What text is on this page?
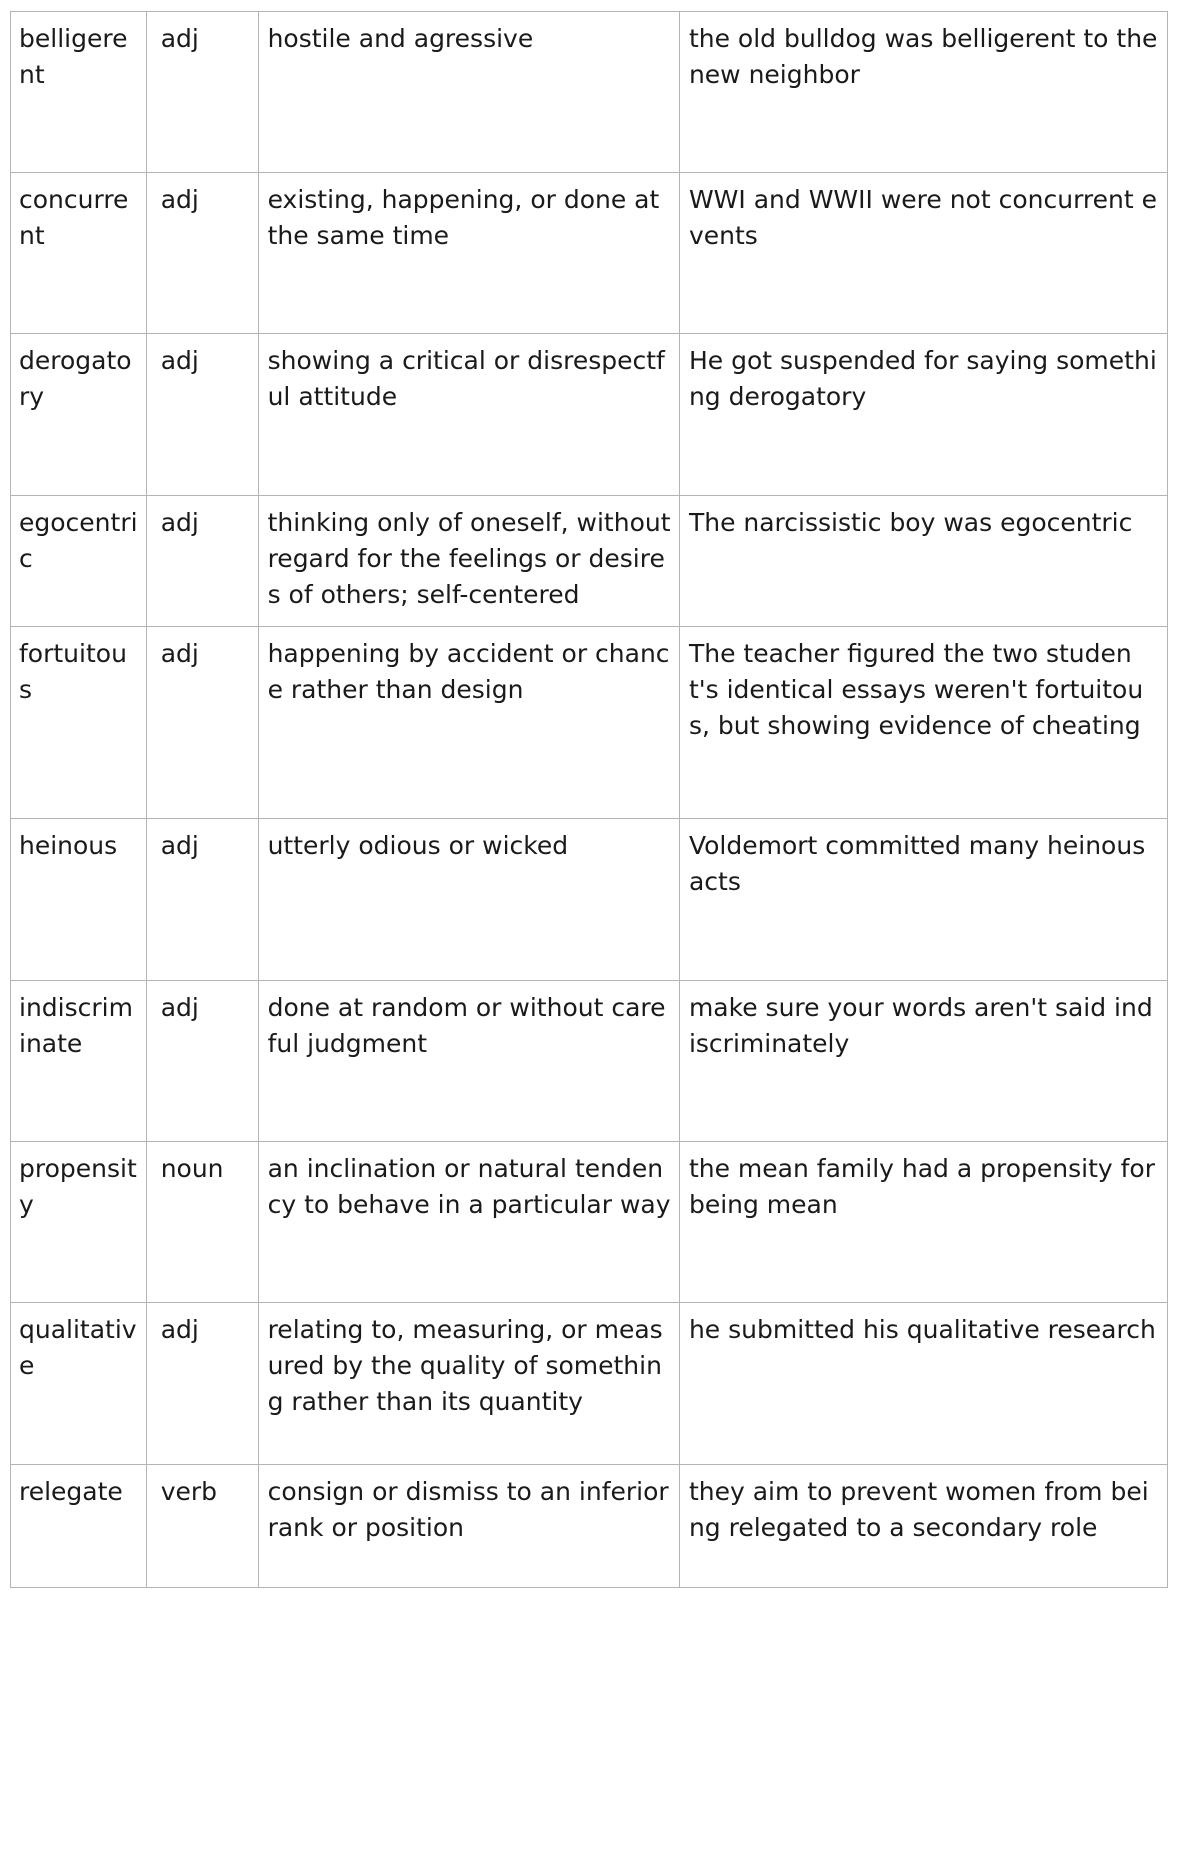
belligerent	adj	hostile and agressive	the old bulldog was belligerent to the new neighbor
concurrent	adj	existing, happening, or done at the same time	WWI and WWII were not concurrent events
derogatory	adj	showing a critical or disrespectful attitude	He got suspended for saying something derogatory
egocentric	adj	thinking only of oneself, without regard for the feelings or desires of others; self-centered	The narcissistic boy was egocentric
fortuitous	adj	happening by accident or chance rather than design	The teacher figured the two student's identical essays weren't fortuitous, but showing evidence of cheating
heinous	adj	utterly odious or wicked	Voldemort committed many heinous acts
indiscriminate	adj	done at random or without careful judgment	make sure your words aren't said indiscriminately
propensity	noun	an inclination or natural tendency to behave in a particular way	the mean family had a propensity for being mean
qualitative	adj	relating to, measuring, or measured by the quality of something rather than its quantity	he submitted his qualitative research
relegate	verb	consign or dismiss to an inferior rank or position	they aim to prevent women from being relegated to a secondary role
